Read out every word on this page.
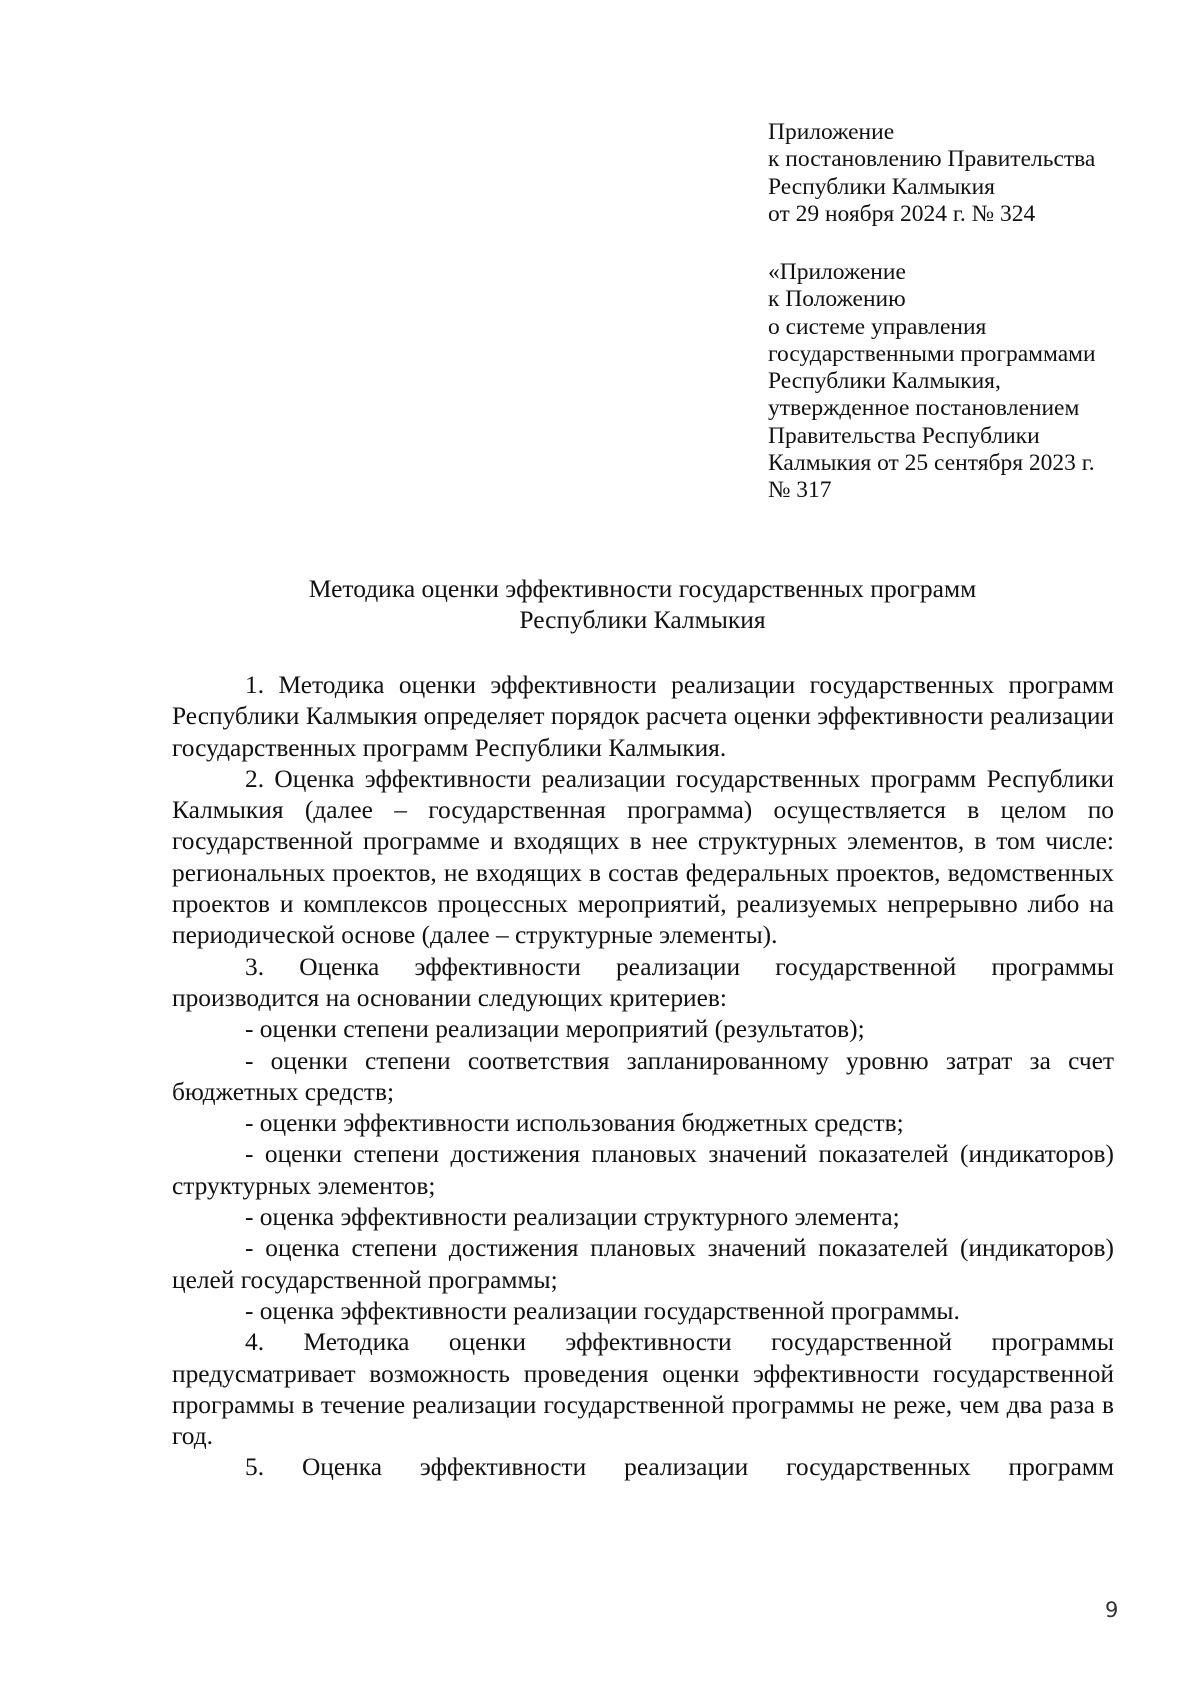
Приложение
к постановлению Правительства
Республики Калмыкия
от 29 ноября 2024 г. № 324
«Приложение
к Положению
о системе управления
государственными программами
Республики Калмыкия,
утвержденное постановлением
Правительства Республики
Калмыкия от 25 сентября 2023 г.
№ 317
Методика оценки эффективности государственных программ
Республики Калмыкия

1. Методика оценки эффективности реализации государственных программ Республики Калмыкия определяет порядок расчета оценки эффективности реализации государственных программ Республики Калмыкия.

2. Оценка эффективности реализации государственных программ Республики Калмыкия (далее – государственная программа) осуществляется в целом по государственной программе и входящих в нее структурных элементов, в том числе: региональных проектов, не входящих в состав федеральных проектов, ведомственных проектов и комплексов процессных мероприятий, реализуемых непрерывно либо на периодической основе (далее – структурные элементы).

3. Оценка эффективности реализации государственной программы производится на основании следующих критериев:

- оценки степени реализации мероприятий (результатов);

- оценки степени соответствия запланированному уровню затрат за счет бюджетных средств;

- оценки эффективности использования бюджетных средств;

- оценки степени достижения плановых значений показателей (индикаторов) структурных элементов;

- оценка эффективности реализации структурного элемента;

- оценка степени достижения плановых значений показателей (индикаторов) целей государственной программы;

- оценка эффективности реализации государственной программы.

4. Методика оценки эффективности государственной программы предусматривает возможность проведения оценки эффективности государственной программы в течение реализации государственной программы не реже, чем два раза в год.

5. Оценка эффективности реализации государственных программ

9
